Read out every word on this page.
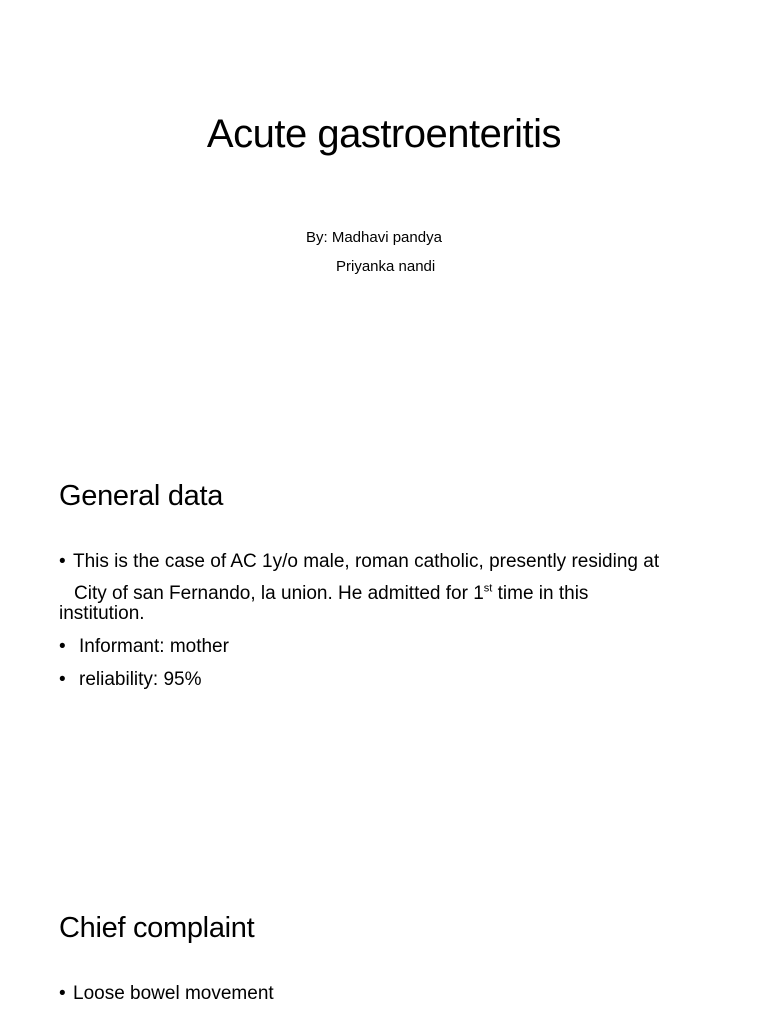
Acute gastroenteritis

By: Madhavi pandya

Priyanka nandi

General data
• This is the case of AC 1y/o male, roman catholic, presently residing at
City of san Fernando, la union. He admitted for 1st time in this
institution.
• Informant: mother
• reliability: 95%
Chief complaint
• Loose bowel movement
